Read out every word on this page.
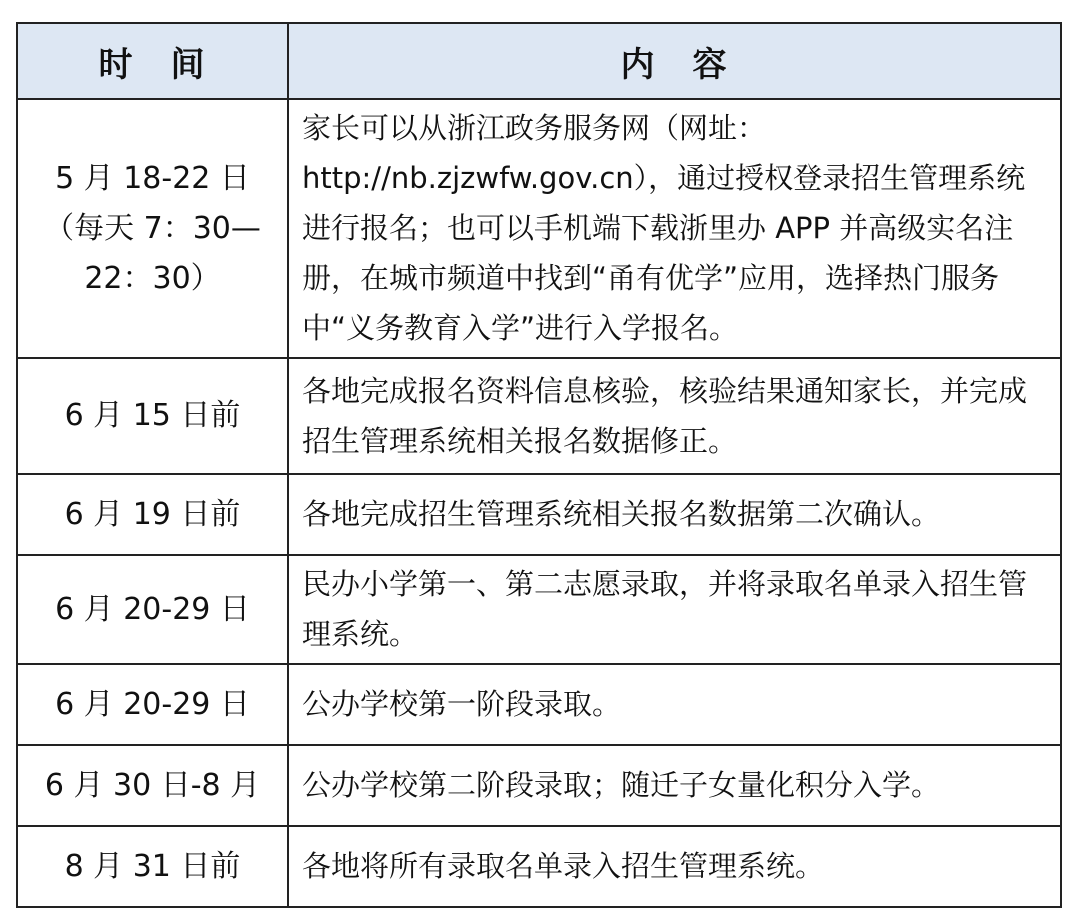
时　间	内　容

5 月 18-22 日
（每天 7：30—
22：30）	家长可以从浙江政务服务网（网址：http://nb.zjzwfw.gov.cn），通过授权登录招生管理系统进行报名；也可以手机端下载浙里办 APP 并高级实名注册，在城市频道中找到“甬有优学”应用，选择热门服务中“义务教育入学”进行入学报名。

6 月 15 日前	各地完成报名资料信息核验，核验结果通知家长，并完成招生管理系统相关报名数据修正。

6 月 19 日前	各地完成招生管理系统相关报名数据第二次确认。

6 月 20-29 日	民办小学第一、第二志愿录取，并将录取名单录入招生管理系统。

6 月 20-29 日	公办学校第一阶段录取。

6 月 30 日-8 月	公办学校第二阶段录取；随迁子女量化积分入学。

8 月 31 日前	各地将所有录取名单录入招生管理系统。
